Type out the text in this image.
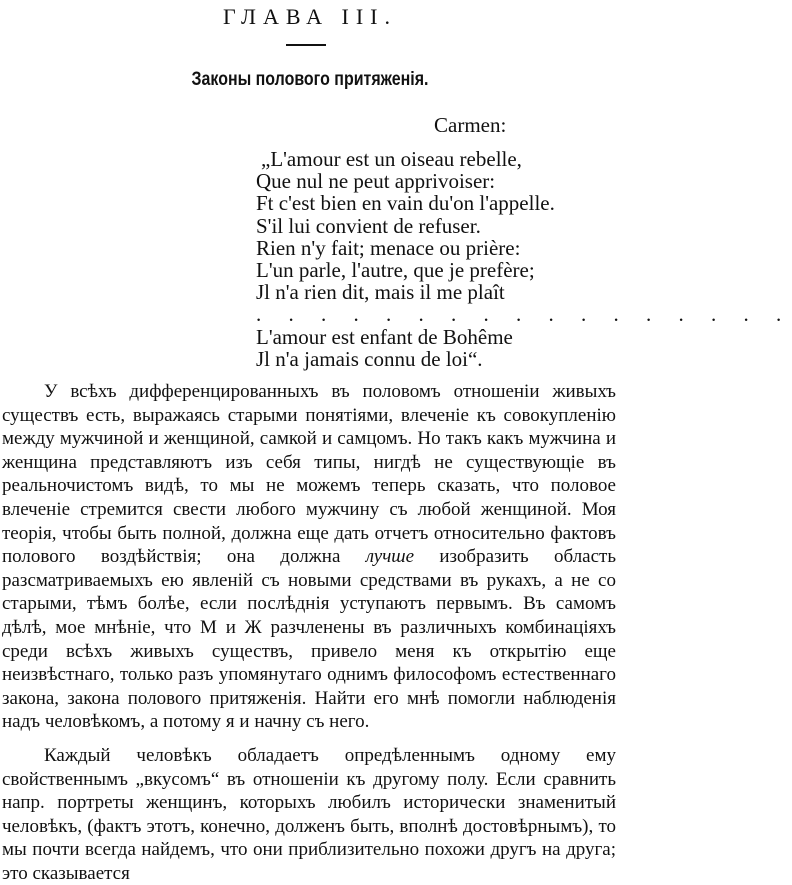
ГЛАВА III.
Законы полового притяженія.
Carmen:
„L'amour est un oiseau rebelle,
Que nul ne peut apprivoiser:
Ft c'est bien en vain du'on l'appelle.
S'il lui convient de refuser.
Rien n'y fait; menace ou prière:
L'un parle, l'autre, que je prefère;
Jl n'a rien dit, mais il me plaît
. . . . . . . . . . . . . . . . .
L'amour est enfant de Bohême
Jl n'a jamais connu de loi“.

У всѣхъ дифференцированныхъ въ половомъ отношеніи живыхъ существъ есть, выражаясь старыми понятіями, влеченіе къ совокупленію между мужчиной и женщиной, самкой и самцомъ. Но такъ какъ мужчина и женщина представляютъ изъ себя типы, нигдѣ не существующіе въ реальночистомъ видѣ, то мы не можемъ теперь сказать, что половое влеченіе стремится свести любого мужчину съ любой женщиной. Моя теорія, чтобы быть полной, должна еще дать отчетъ относительно фактовъ полового воздѣйствія; она должна лучше изобразить область разсматриваемыхъ ею явленій съ новыми средствами въ рукахъ, а не со старыми, тѣмъ болѣе, если послѣднія уступаютъ первымъ. Въ самомъ дѣлѣ, мое мнѣніе, что М и Ж разчленены въ различныхъ комбинаціяхъ среди всѣхъ живыхъ существъ, привело меня къ открытію еще неизвѣстнаго, только разъ упомянутаго однимъ философомъ естественнаго закона, закона полового притяженія. Найти его мнѣ помогли наблюденія надъ человѣкомъ, а потому я и начну съ него.

Каждый человѣкъ обладаетъ опредѣленнымъ одному ему свойственнымъ „вкусомъ“ въ отношеніи къ другому полу. Если сравнить напр. портреты женщинъ, которыхъ любилъ исторически знаменитый человѣкъ, (фактъ этотъ, конечно, долженъ быть, вполнѣ достовѣрнымъ), то мы почти всегда найдемъ, что они приблизительно похожи другъ на друга; это сказывается
